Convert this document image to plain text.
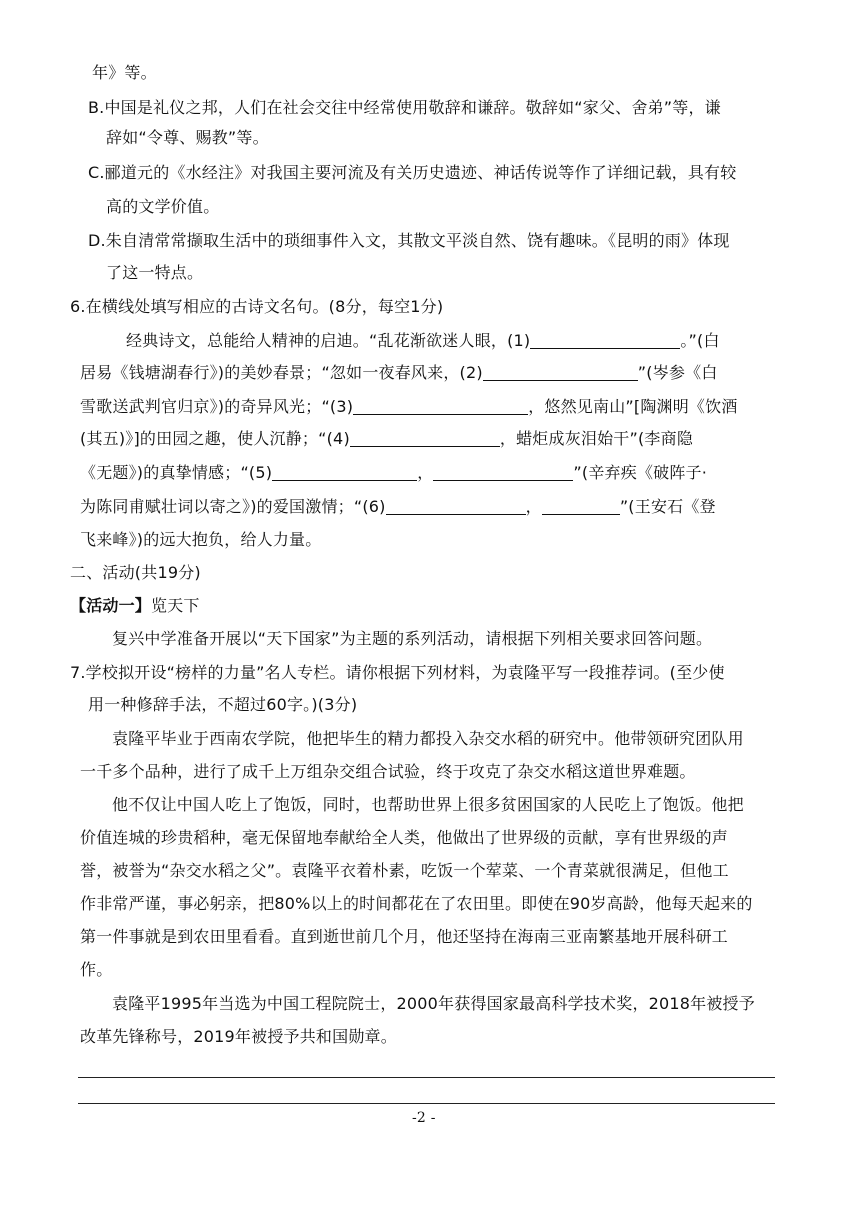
年》等。
B.中国是礼仪之邦，人们在社会交往中经常使用敬辞和谦辞。敬辞如“家父、舍弟”等，谦
辞如“令尊、赐教”等。
C.郦道元的《水经注》对我国主要河流及有关历史遗迹、神话传说等作了详细记载，具有较
高的文学价值。
D.朱自清常常撷取生活中的琐细事件入文，其散文平淡自然、饶有趣味。《昆明的雨》体现
了这一特点。
6.在横线处填写相应的古诗文名句。(8分，每空1分)
经典诗文，总能给人精神的启迪。“乱花渐欲迷人眼，(1)	。”(白
居易《钱塘湖春行》)的美妙春景；“忽如一夜春风来，(2)	”(岑参《白
雪歌送武判官归京》)的奇异风光；“(3)	，悠然见南山”[陶渊明《饮酒
(其五)》]的田园之趣，使人沉静；“(4)	，蜡炬成灰泪始干”(李商隐
《无题》)的真挚情感；“(5)	，	”(辛弃疾《破阵子·
为陈同甫赋壮词以寄之》)的爱国激情；“(6)	，	”(王安石《登
飞来峰》)的远大抱负，给人力量。
二、活动(共19分)
【活动一】览天下
复兴中学准备开展以“天下国家”为主题的系列活动，请根据下列相关要求回答问题。
7.学校拟开设“榜样的力量”名人专栏。请你根据下列材料，为袁隆平写一段推荐词。(至少使
用一种修辞手法，不超过60字。)(3分)
袁隆平毕业于西南农学院，他把毕生的精力都投入杂交水稻的研究中。他带领研究团队用
一千多个品种，进行了成千上万组杂交组合试验，终于攻克了杂交水稻这道世界难题。
他不仅让中国人吃上了饱饭，同时，也帮助世界上很多贫困国家的人民吃上了饱饭。他把
价值连城的珍贵稻种，毫无保留地奉献给全人类，他做出了世界级的贡献，享有世界级的声
誉，被誉为“杂交水稻之父”。袁隆平衣着朴素，吃饭一个荤菜、一个青菜就很满足，但他工
作非常严谨，事必躬亲，把80%以上的时间都花在了农田里。即使在90岁高龄，他每天起来的
第一件事就是到农田里看看。直到逝世前几个月，他还坚持在海南三亚南繁基地开展科研工
作。
袁隆平1995年当选为中国工程院院士，2000年获得国家最高科学技术奖，2018年被授予
改革先锋称号，2019年被授予共和国勋章。
-2 -
